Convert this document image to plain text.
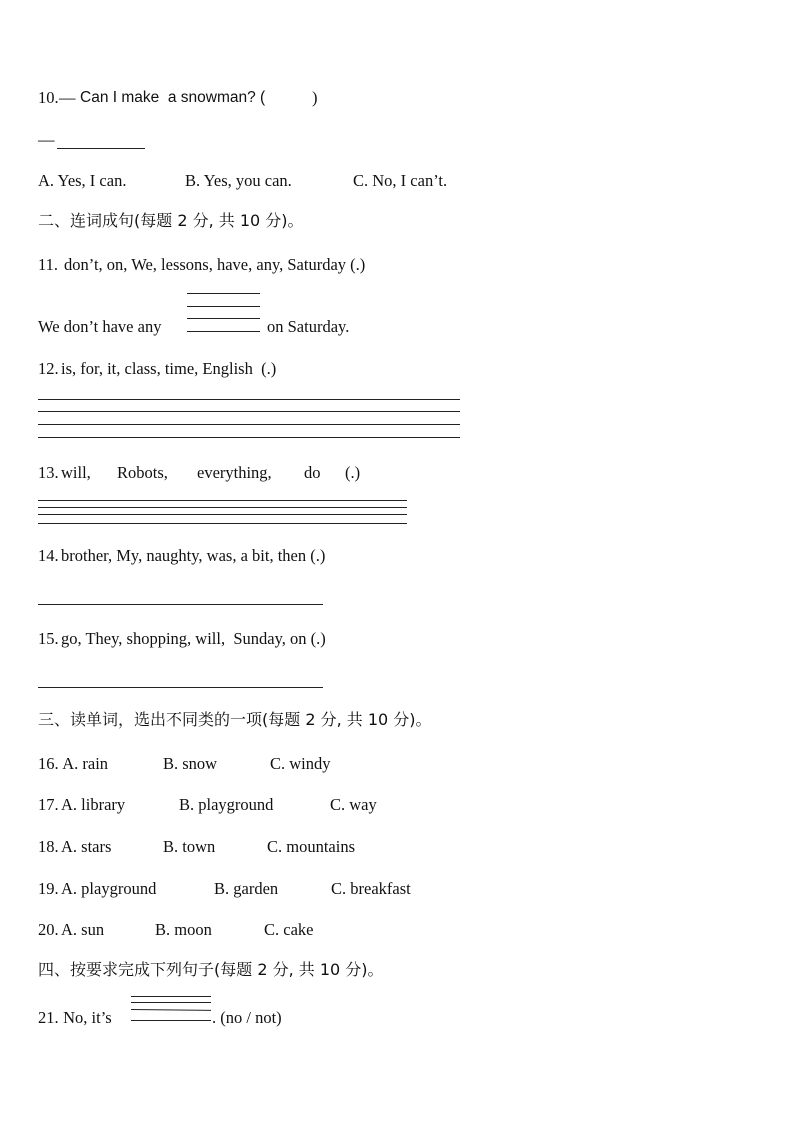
10. — Can I make  a snowman? (	)
—
A. Yes, I can.	B. Yes, you can.	C. No, I can’t.
二、连词成句(每题 2 分, 共 10 分)。
11. don’t, on, We, lessons, have, any, Saturday (.)
We don’t have any	on Saturday.
12. is, for, it, class, time, English  (.)
13. will, Robots, everything, do (.)
14. brother, My, naughty, was, a bit, then (.)
15. go, They, shopping, will,  Sunday, on (.)
三、读单词，选出不同类的一项(每题 2 分, 共 10 分)。
16. A. rain	B. snow	C. windy
17. A. library	B. playground	C. way
18. A. stars	B. town	C. mountains
19. A. playground	B. garden	C. breakfast
20. A. sun	B. moon	C. cake
四、按要求完成下列句子(每题 2 分, 共 10 分)。
21. No, it’s	. (no / not)
